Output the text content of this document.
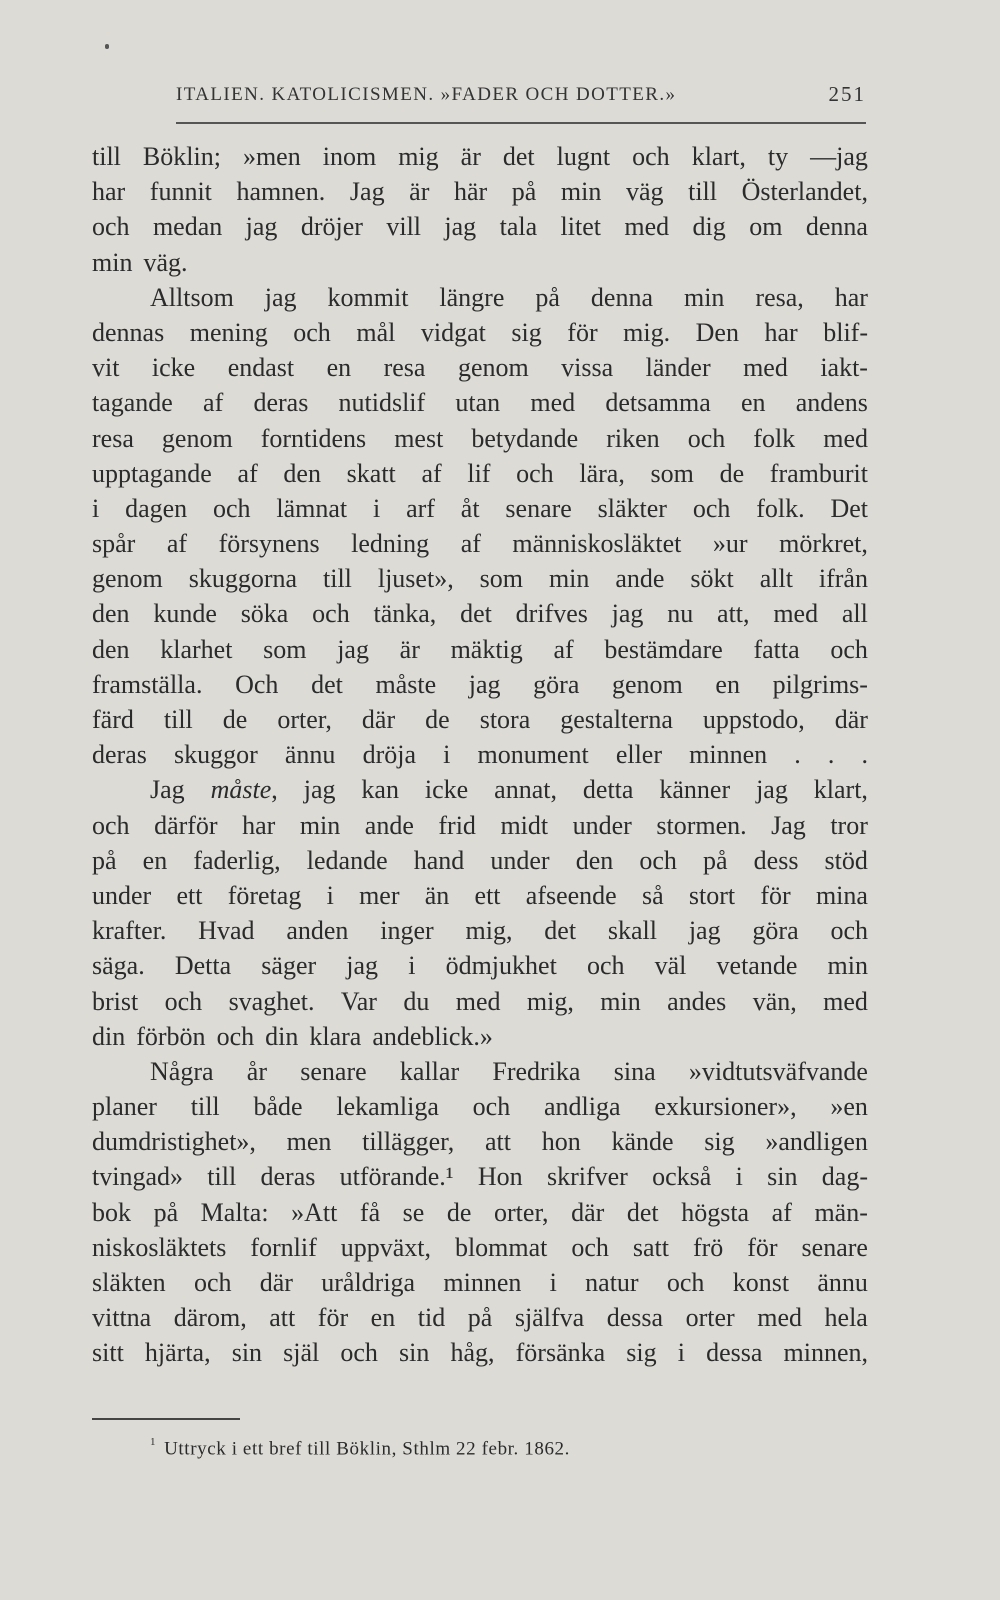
ITALIEN. KATOLICISMEN. »FADER OCH DOTTER.»	251
till Böklin; »men inom mig är det lugnt och klart, ty —jag
har funnit hamnen. Jag är här på min väg till Österlandet,
och medan jag dröjer vill jag tala litet med dig om denna
min väg.
Alltsom jag kommit längre på denna min resa, har
dennas mening och mål vidgat sig för mig. Den har blif-
vit icke endast en resa genom vissa länder med iakt-
tagande af deras nutidslif utan med detsamma en andens
resa genom forntidens mest betydande riken och folk med
upptagande af den skatt af lif och lära, som de framburit
i dagen och lämnat i arf åt senare släkter och folk. Det
spår af försynens ledning af människosläktet »ur mörkret,
genom skuggorna till ljuset», som min ande sökt allt ifrån
den kunde söka och tänka, det drifves jag nu att, med all
den klarhet som jag är mäktig af bestämdare fatta och
framställa. Och det måste jag göra genom en pilgrims-
färd till de orter, där de stora gestalterna uppstodo, där
deras skuggor ännu dröja i monument eller minnen . . .
Jag måste, jag kan icke annat, detta känner jag klart,
och därför har min ande frid midt under stormen. Jag tror
på en faderlig, ledande hand under den och på dess stöd
under ett företag i mer än ett afseende så stort för mina
krafter. Hvad anden inger mig, det skall jag göra och
säga. Detta säger jag i ödmjukhet och väl vetande min
brist och svaghet. Var du med mig, min andes vän, med
din förbön och din klara andeblick.»
Några år senare kallar Fredrika sina »vidtutsväfvande
planer till både lekamliga och andliga exkursioner», »en
dumdristighet», men tillägger, att hon kände sig »andligen
tvingad» till deras utförande.¹ Hon skrifver också i sin dag-
bok på Malta: »Att få se de orter, där det högsta af män-
niskosläktets fornlif uppväxt, blommat och satt frö för senare
släkten och där uråldriga minnen i natur och konst ännu
vittna därom, att för en tid på själfva dessa orter med hela
sitt hjärta, sin själ och sin håg, försänka sig i dessa minnen,
$^1$ Uttryck i ett bref till Böklin, Sthlm 22 febr. 1862.
